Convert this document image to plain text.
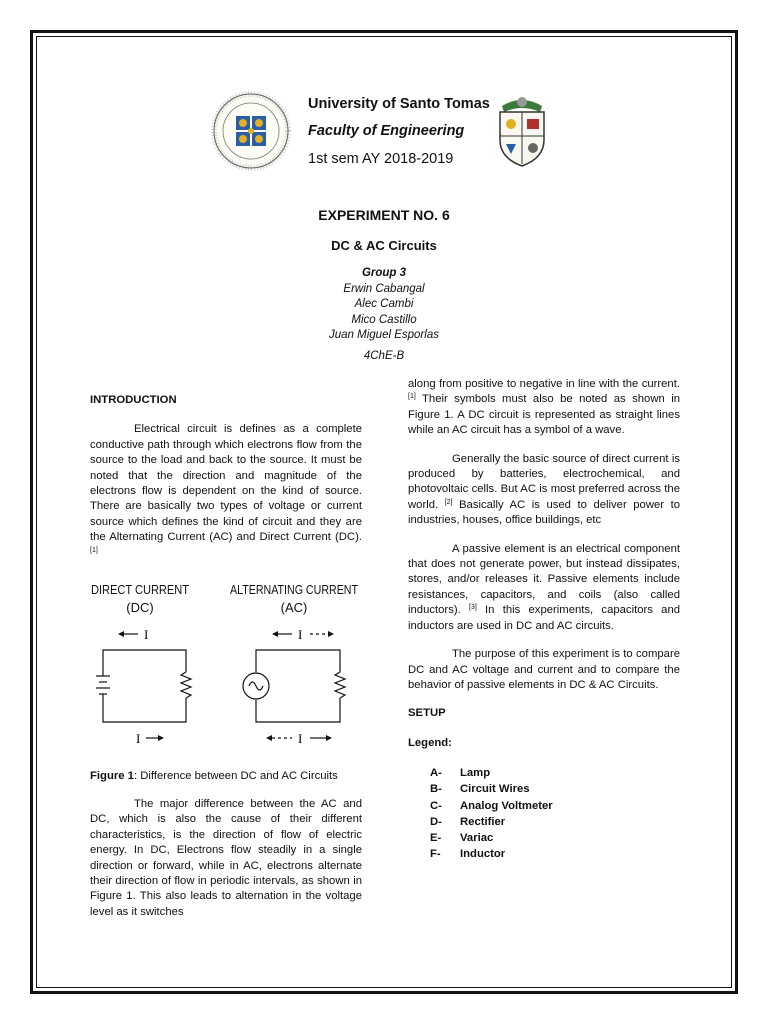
University of Santo Tomas
Faculty of Engineering
1st sem AY 2018-2019
EXPERIMENT NO. 6
DC & AC Circuits
Group 3
Erwin Cabangal
Alec Cambi
Mico Castillo
Juan Miguel Esporlas
4ChE-B
INTRODUCTION

Electrical circuit is defines as a complete conductive path through which electrons flow from the source to the load and back to the source. It must be noted that the direction and magnitude of the electrons flow is dependent on the kind of source. There are basically two types of voltage or current source which defines the kind of circuit and they are the Alternating Current (AC) and Direct Current (DC). [1]

DIRECT CURRENT
(DC)
ALTERNATING CURRENT
(AC)
I
I
I
I
Figure 1: Difference between DC and AC Circuits

The major difference between the AC and DC, which is also the cause of their different characteristics, is the direction of flow of electric energy. In DC, Electrons flow steadily in a single direction or forward, while in AC, electrons alternate their direction of flow in periodic intervals, as shown in Figure 1. This also leads to alternation in the voltage level as it switches

along from positive to negative in line with the current. [1] Their symbols must also be noted as shown in Figure 1. A DC circuit is represented as straight lines while an AC circuit has a symbol of a wave.

Generally the basic source of direct current is produced by batteries, electrochemical, and photovoltaic cells. But AC is most preferred across the world. [2] Basically AC is used to deliver power to industries, houses, office buildings, etc

A passive element is an electrical component that does not generate power, but instead dissipates, stores, and/or releases it. Passive elements include resistances, capacitors, and coils (also called inductors). [3] In this experiments, capacitors and inductors are used in DC and AC circuits.

The purpose of this experiment is to compare DC and AC voltage and current and to compare the behavior of passive elements in DC & AC Circuits.

SETUP
Legend:
A- Lamp
B- Circuit Wires
C- Analog Voltmeter
D- Rectifier
E- Variac
F- Inductor
